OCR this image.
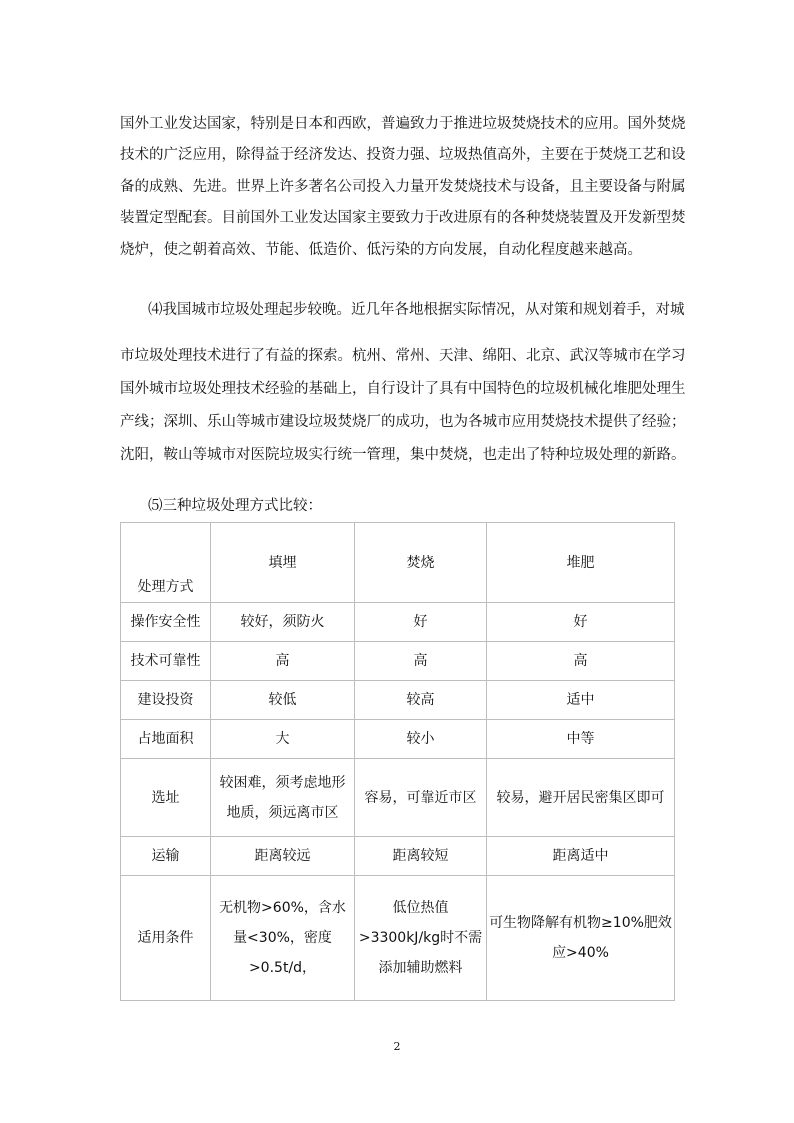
国外工业发达国家，特别是日本和西欧，普遍致力于推进垃圾焚烧技术的应用。国外焚烧
技术的广泛应用，除得益于经济发达、投资力强、垃圾热值高外，主要在于焚烧工艺和设
备的成熟、先进。世界上许多著名公司投入力量开发焚烧技术与设备，且主要设备与附属
装置定型配套。目前国外工业发达国家主要致力于改进原有的各种焚烧装置及开发新型焚
烧炉，使之朝着高效、节能、低造价、低污染的方向发展，自动化程度越来越高。
⑷我国城市垃圾处理起步较晚。近几年各地根据实际情况，从对策和规划着手，对城
市垃圾处理技术进行了有益的探索。杭州、常州、天津、绵阳、北京、武汉等城市在学习
国外城市垃圾处理技术经验的基础上，自行设计了具有中国特色的垃圾机械化堆肥处理生
产线；深圳、乐山等城市建设垃圾焚烧厂的成功，也为各城市应用焚烧技术提供了经验；
沈阳，鞍山等城市对医院垃圾实行统一管理，集中焚烧，也走出了特种垃圾处理的新路。
⑸三种垃圾处理方式比较：
处理方式	填埋	焚烧	堆肥
操作安全性	较好，须防火	好	好
技术可靠性	高	高	高
建设投资	较低	较高	适中
占地面积	大	较小	中等
选址	较困难，须考虑地形地质，须远离市区	容易，可靠近市区	较易，避开居民密集区即可
运输	距离较远	距离较短	距离适中
适用条件	无机物>60%，含水量<30%，密度>0.5t/d，	低位热值>3300kJ/kg时不需添加辅助燃料	可生物降解有机物≥10%肥效应>40%
2
